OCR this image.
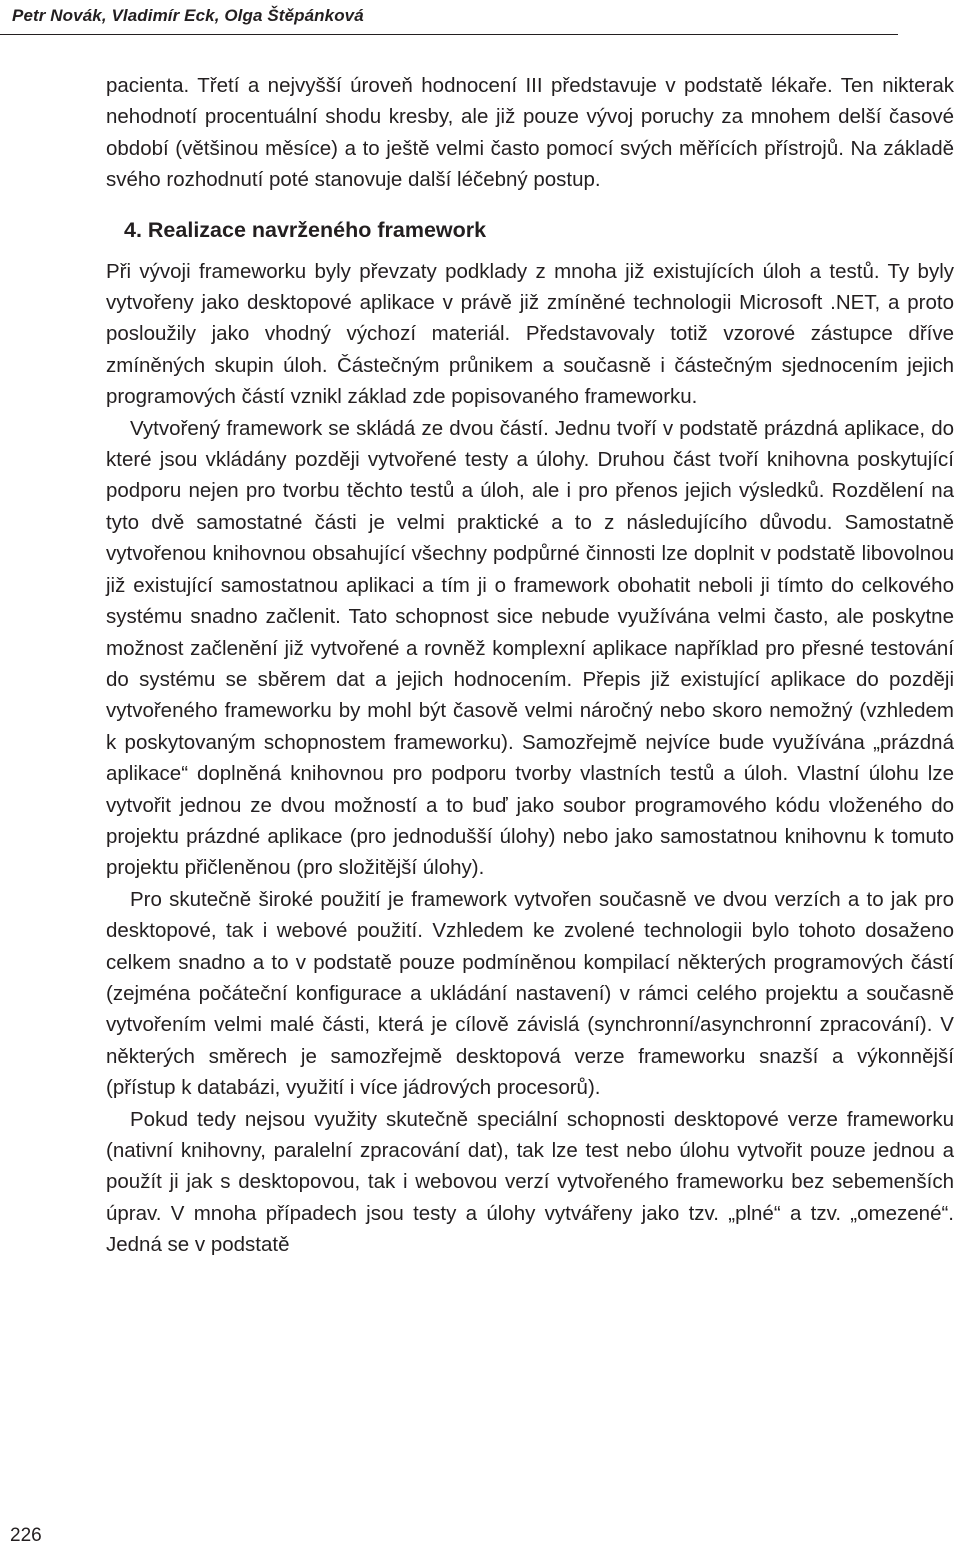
Petr Novák, Vladimír Eck, Olga Štěpánková

pacienta. Třetí a nejvyšší úroveň hodnocení III představuje v podstatě lékaře. Ten nikterak nehodnotí procentuální shodu kresby, ale již pouze vývoj poruchy za mnohem delší časové období (většinou měsíce) a to ještě velmi často pomocí svých měřících přístrojů. Na základě svého rozhodnutí poté stanovuje další léčebný postup.

4. Realizace navrženého framework

Při vývoji frameworku byly převzaty podklady z mnoha již existujících úloh a testů. Ty byly vytvořeny jako desktopové aplikace v právě již zmíněné technologii Microsoft .NET, a proto posloužily jako vhodný výchozí materiál. Představovaly totiž vzorové zástupce dříve zmíněných skupin úloh. Částečným průnikem a současně i částečným sjednocením jejich programových částí vznikl základ zde popisovaného frameworku.

Vytvořený framework se skládá ze dvou částí. Jednu tvoří v podstatě prázdná aplikace, do které jsou vkládány později vytvořené testy a úlohy. Druhou část tvoří knihovna poskytující podporu nejen pro tvorbu těchto testů a úloh, ale i pro přenos jejich výsledků. Rozdělení na tyto dvě samostatné části je velmi praktické a to z následujícího důvodu. Samostatně vytvořenou knihovnou obsahující všechny podpůrné činnosti lze doplnit v podstatě libovolnou již existující samostatnou aplikaci a tím ji o framework obohatit neboli ji tímto do celkového systému snadno začlenit. Tato schopnost sice nebude využívána velmi často, ale poskytne možnost začlenění již vytvořené a rovněž komplexní aplikace například pro přesné testování do systému se sběrem dat a jejich hodnocením. Přepis již existující aplikace do později vytvořeného frameworku by mohl být časově velmi náročný nebo skoro nemožný (vzhledem k poskytovaným schopnostem frameworku). Samozřejmě nejvíce bude využívána „prázdná aplikace“ doplněná knihovnou pro podporu tvorby vlastních testů a úloh. Vlastní úlohu lze vytvořit jednou ze dvou možností a to buď jako soubor programového kódu vloženého do projektu prázdné aplikace (pro jednodušší úlohy) nebo jako samostatnou knihovnu k tomuto projektu přičleněnou (pro složitější úlohy).

Pro skutečně široké použití je framework vytvořen současně ve dvou verzích a to jak pro desktopové, tak i webové použití. Vzhledem ke zvolené technologii bylo tohoto dosaženo celkem snadno a to v podstatě pouze podmíněnou kompilací některých programových částí (zejména počáteční konfigurace a ukládání nastavení) v rámci celého projektu a současně vytvořením velmi malé části, která je cílově závislá (synchronní/asynchronní zpracování). V některých směrech je samozřejmě desktopová verze frameworku snazší a výkonnější (přístup k databázi, využití i více jádrových procesorů).

Pokud tedy nejsou využity skutečně speciální schopnosti desktopové verze frameworku (nativní knihovny, paralelní zpracování dat), tak lze test nebo úlohu vytvořit pouze jednou a použít ji jak s desktopovou, tak i webovou verzí vytvořeného frameworku bez sebemenších úprav. V mnoha případech jsou testy a úlohy vytvářeny jako tzv. „plné“ a tzv. „omezené“. Jedná se v podstatě

226
